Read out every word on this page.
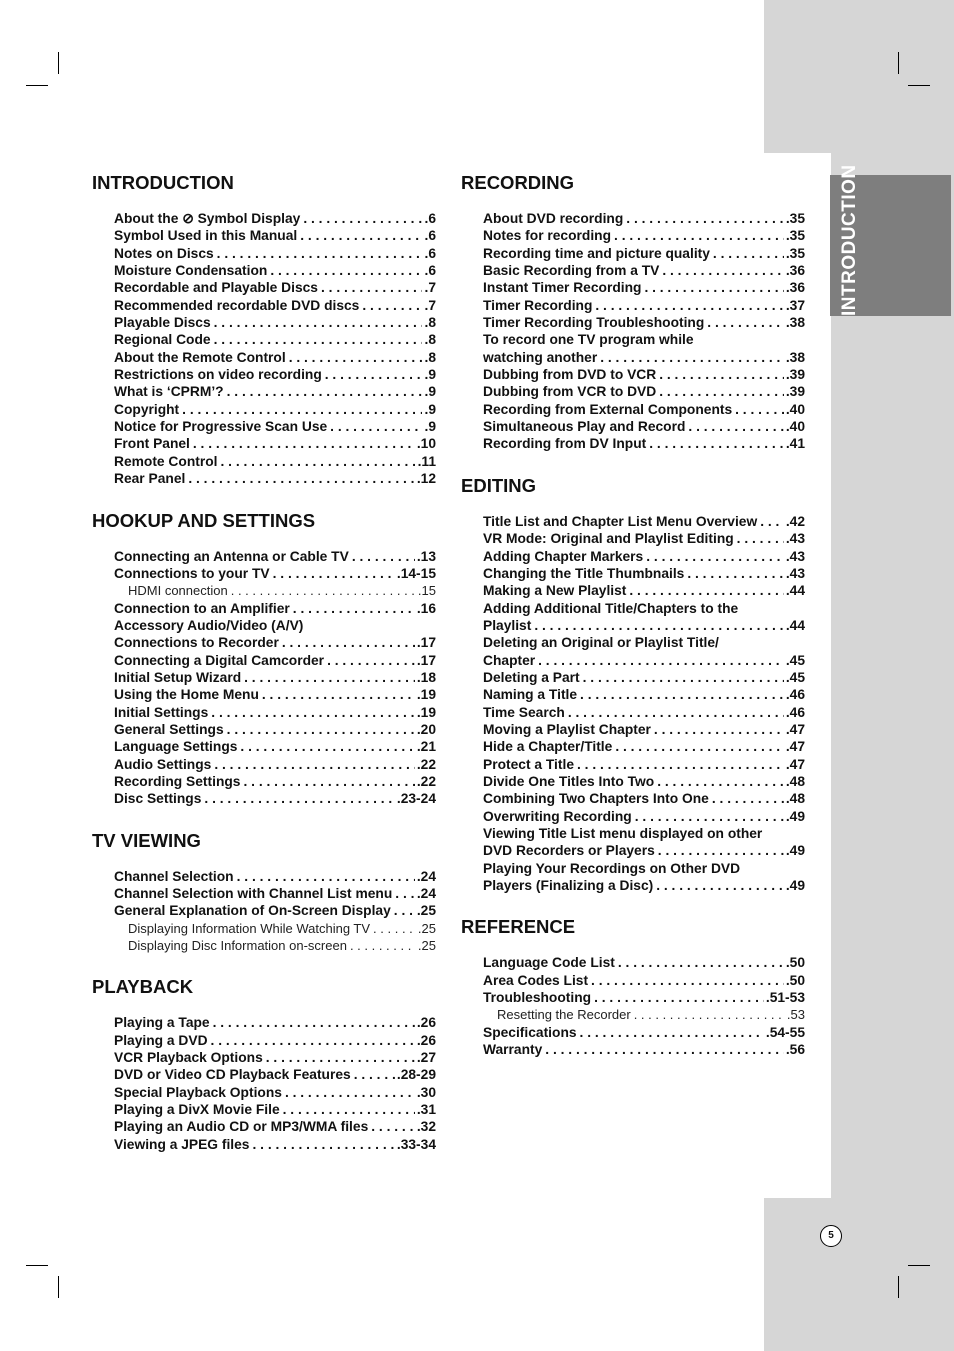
INTRODUCTION
5
INTRODUCTION
About the ⊘ Symbol Display . . .	.6
Symbol Used in this Manual . . .	.6
Notes on Discs . . .	.6
Moisture Condensation . . .	.6
Recordable and Playable Discs . . .	.7
Recommended recordable DVD discs . . .	.7
Playable Discs . . .	.8
Regional Code . . .	.8
About the Remote Control . . .	.8
Restrictions on video recording . . .	.9
What is ‘CPRM’? . . .	.9
Copyright . . .	.9
Notice for Progressive Scan Use . . .	.9
Front Panel . . .	.10
Remote Control . . .	.11
Rear Panel . . .	.12
HOOKUP AND SETTINGS
Connecting an Antenna or Cable TV . . .	.13
Connections to your TV . . .	.14-15
HDMI connection . . .	.15
Connection to an Amplifier . . .	.16
Accessory Audio/Video (A/V)
Connections to Recorder . . .	.17
Connecting a Digital Camcorder . . .	.17
Initial Setup Wizard . . .	.18
Using the Home Menu . . .	.19
Initial Settings . . .	.19
General Settings . . .	.20
Language Settings . . .	.21
Audio Settings . . .	.22
Recording Settings . . .	.22
Disc Settings . . .	.23-24
TV VIEWING
Channel Selection . . .	.24
Channel Selection with Channel List menu . . . .24
General Explanation of On-Screen Display . . . .25
Displaying Information While Watching TV . . .	.25
Displaying Disc Information on-screen . . .	.25
PLAYBACK
Playing a Tape . . .	.26
Playing a DVD . . .	.26
VCR Playback Options . . .	.27
DVD or Video CD Playback Features . . .	.28-29
Special Playback Options . . .	.30
Playing a DivX Movie File . . .	.31
Playing an Audio CD or MP3/WMA files . . .	.32
Viewing a JPEG files . . .	.33-34
RECORDING
About DVD recording . . .	.35
Notes for recording . . .	.35
Recording time and picture quality . . .	.35
Basic Recording from a TV . . .	.36
Instant Timer Recording . . .	.36
Timer Recording . . .	.37
Timer Recording Troubleshooting . . .	.38
To record one TV program while
watching another . . .	.38
Dubbing from DVD to VCR . . .	.39
Dubbing from VCR to DVD . . .	.39
Recording from External Components . . .	.40
Simultaneous Play and Record . . .	.40
Recording from DV Input . . .	.41
EDITING
Title List and Chapter List Menu Overview . . . .42
VR Mode: Original and Playlist Editing . . .	.43
Adding Chapter Markers . . .	.43
Changing the Title Thumbnails . . .	.43
Making a New Playlist . . .	.44
Adding Additional Title/Chapters to the
Playlist . . .	.44
Deleting an Original or Playlist Title/
Chapter . . .	.45
Deleting a Part . . .	.45
Naming a Title . . .	.46
Time Search . . .	.46
Moving a Playlist Chapter . . .	.47
Hide a Chapter/Title . . .	.47
Protect a Title . . .	.47
Divide One Titles Into Two . . .	.48
Combining Two Chapters Into One . . .	.48
Overwriting Recording . . .	.49
Viewing Title List menu displayed on other
DVD Recorders or Players . . .	.49
Playing Your Recordings on Other DVD
Players (Finalizing a Disc) . . .	.49
REFERENCE
Language Code List . . .	.50
Area Codes List . . .	.50
Troubleshooting . . .	.51-53
Resetting the Recorder . . .	.53
Specifications . . .	.54-55
Warranty . . .	.56
